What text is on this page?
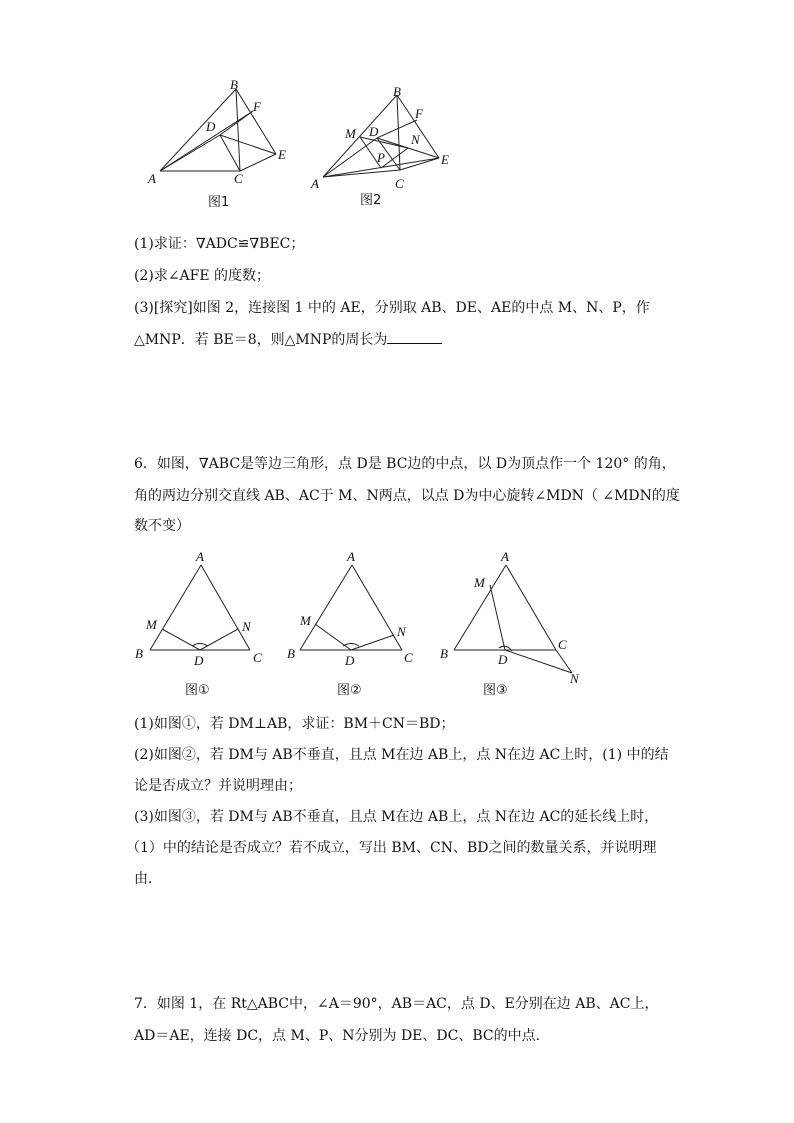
B
F
D
E
A	C
图1
B
F
M D
N
P	E
A	C
图2
(1)求证：∇ADC≌∇BEC；
(2)求∠AFE 的度数；
(3)[探究]如图 2，连接图 1 中的 AE，分别取 AB、DE、AE的中点 M、N、P，作
△MNP．若 BE＝8，则△MNP的周长为
6．如图，∇ABC是等边三角形，点 D是 BC边的中点，以 D为顶点作一个 120° 的角，
角的两边分别交直线 AB、AC于 M、N两点，以点 D为中心旋转∠MDN（ ∠MDN的度
数不变）
A
M	N
B	D	C
A
M
N
B	D	C
A
M
C
B	D
N
图①	图②	图③
(1)如图①，若 DM⊥AB，求证：BM＋CN＝BD；
(2)如图②，若 DM与 AB不垂直，且点 M在边 AB上，点 N在边 AC上时，(1) 中的结
论是否成立？并说明理由；
(3)如图③，若 DM与 AB不垂直，且点 M在边 AB上，点 N在边 AC的延长线上时，
（1）中的结论是否成立？若不成立，写出 BM、CN、BD之间的数量关系，并说明理
由．
7．如图 1，在 Rt△ABC中，∠A＝90°，AB＝AC，点 D、E分别在边 AB、AC上，
AD＝AE，连接 DC，点 M、P、N分别为 DE、DC、BC的中点．
